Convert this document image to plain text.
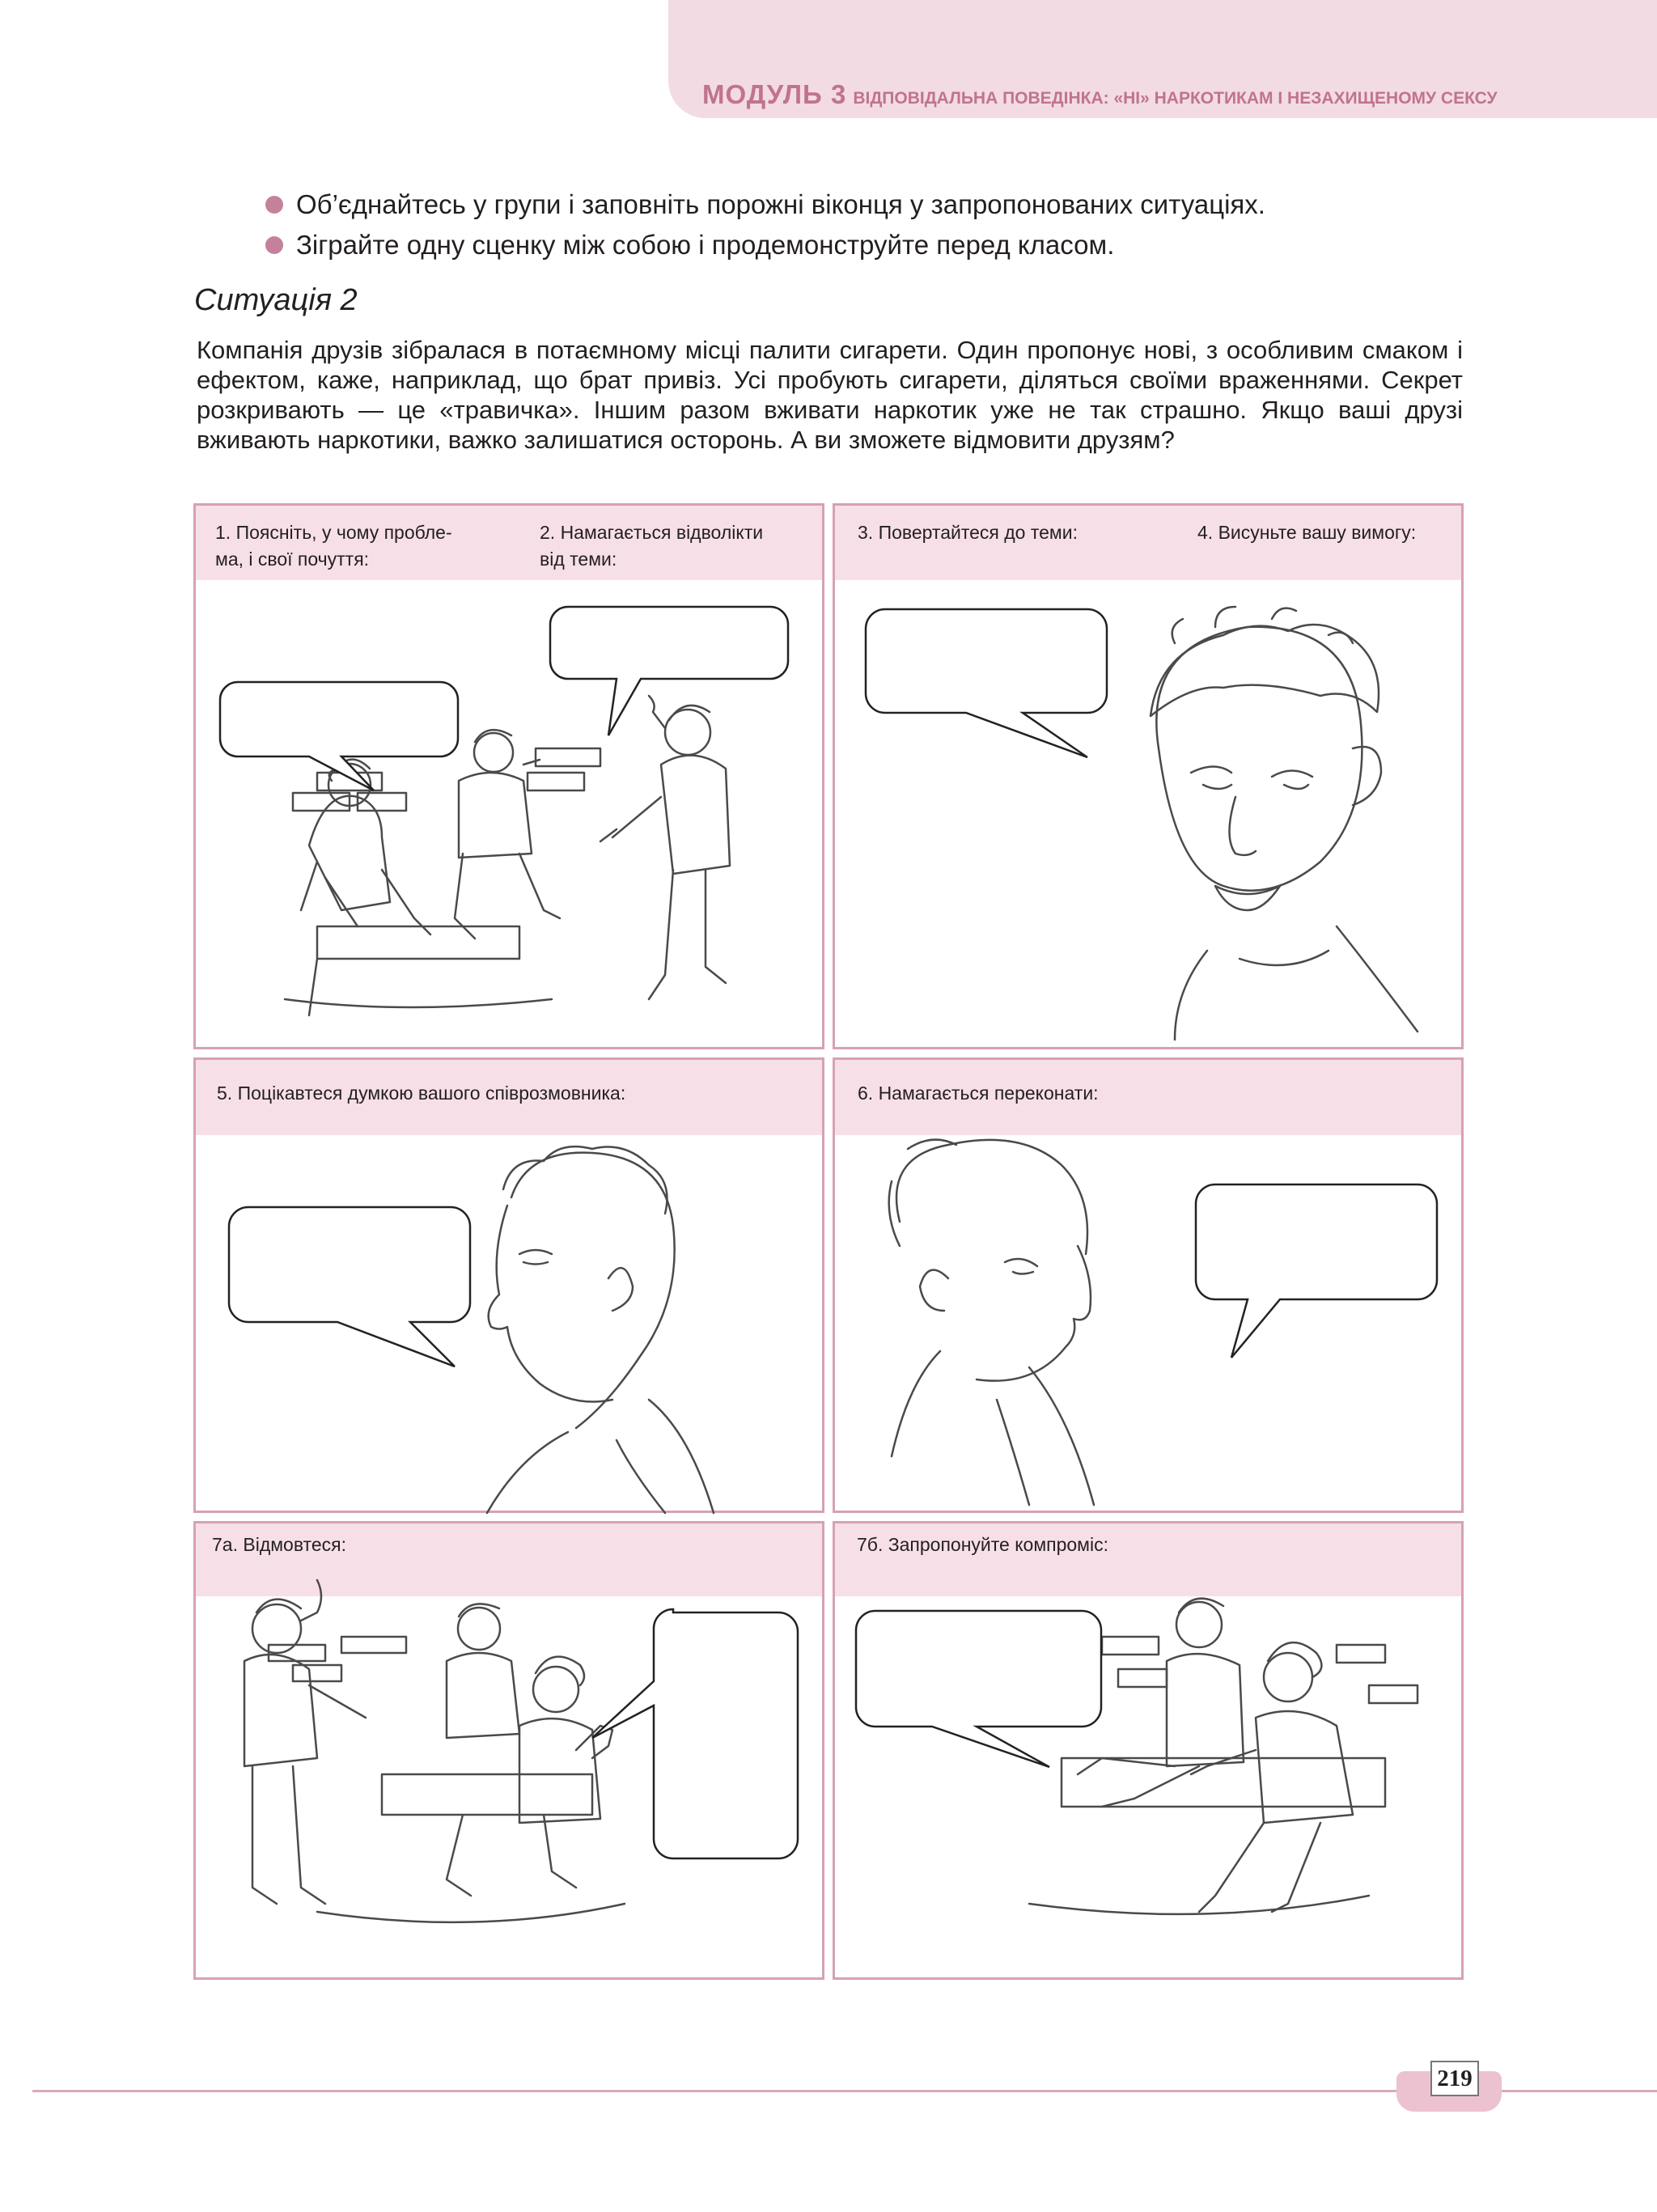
МОДУЛЬ 3 ВІДПОВІДАЛЬНА ПОВЕДІНКА: «НІ» НАРКОТИКАМ І НЕЗАХИЩЕНОМУ СЕКСУ
Об’єднайтесь у групи і заповніть порожні віконця у запропонованих ситуаціях.
Зіграйте одну сценку між собою і продемонструйте перед класом.
Ситуація 2
Компанія друзів зібралася в потаємному місці палити сигарети. Один пропонує нові, з особливим смаком і ефектом, каже, наприклад, що брат привіз. Усі пробують сигарети, діляться своїми враженнями. Секрет розкривають — це «травичка». Іншим разом вживати наркотик уже не так страшно. Якщо ваші друзі вживають наркотики, важко залишатися осторонь. А ви зможете відмовити друзям?
1. Поясніть, у чому пробле-
ма, і свої почуття:
2. Намагається відволікти
від теми:
3. Повертайтеся до теми:	4. Висуньте вашу вимогу:
5. Поцікавтеся думкою вашого співрозмовника:	6. Намагається переконати:
7а. Відмовтеся:	7б. Запропонуйте компроміс:
219
